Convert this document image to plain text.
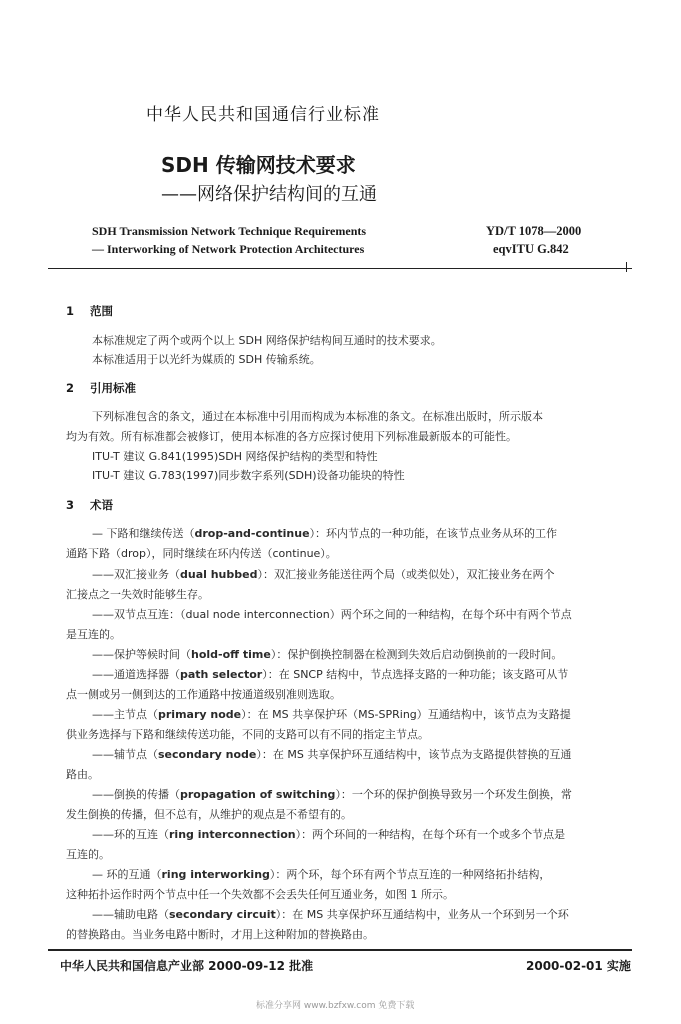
中华人民共和国通信行业标准
SDH 传输网技术要求
——网络保护结构间的互通
SDH Transmission Network Technique Requirements
— Interworking of Network Protection Architectures
YD/T 1078—2000
eqvITU G.842
1 范围
本标准规定了两个或两个以上 SDH 网络保护结构间互通时的技术要求。
本标准适用于以光纤为媒质的 SDH 传输系统。
2 引用标准
下列标准包含的条文，通过在本标准中引用而构成为本标准的条文。在标准出版时，所示版本
均为有效。所有标准都会被修订，使用本标准的各方应探讨使用下列标准最新版本的可能性。
ITU-T 建议 G.841(1995)SDH 网络保护结构的类型和特性
ITU-T 建议 G.783(1997)同步数字系列(SDH)设备功能块的特性
3 术语
— 下路和继续传送（drop-and-continue）：环内节点的一种功能，在该节点业务从环的工作
通路下路（drop），同时继续在环内传送（continue）。
——双汇接业务（dual hubbed）：双汇接业务能送往两个局（或类似处），双汇接业务在两个
汇接点之一失效时能够生存。
——双节点互连：（dual node interconnection）两个环之间的一种结构，在每个环中有两个节点
是互连的。
——保护等候时间（hold-off time）：保护倒换控制器在检测到失效后启动倒换前的一段时间。
——通道选择器（path selector）：在 SNCP 结构中，节点选择支路的一种功能；该支路可从节
点一侧或另一侧到达的工作通路中按通道级别准则选取。
——主节点（primary node）：在 MS 共享保护环（MS-SPRing）互通结构中，该节点为支路提
供业务选择与下路和继续传送功能，不同的支路可以有不同的指定主节点。
——辅节点（secondary node）：在 MS 共享保护环互通结构中，该节点为支路提供替换的互通
路由。
——倒换的传播（propagation of switching）：一个环的保护倒换导致另一个环发生倒换，常
发生倒换的传播，但不总有，从维护的观点是不希望有的。
——环的互连（ring interconnection）：两个环间的一种结构，在每个环有一个或多个节点是
互连的。
— 环的互通（ring interworking）：两个环，每个环有两个节点互连的一种网络拓扑结构，
这种拓扑运作时两个节点中任一个失效都不会丢失任何互通业务，如图 1 所示。
——辅助电路（secondary circuit）：在 MS 共享保护环互通结构中，业务从一个环到另一个环
的替换路由。当业务电路中断时，才用上这种附加的替换路由。
中华人民共和国信息产业部 2000-09-12 批准	2000-02-01 实施
标准分享网 www.bzfxw.com 免费下载
